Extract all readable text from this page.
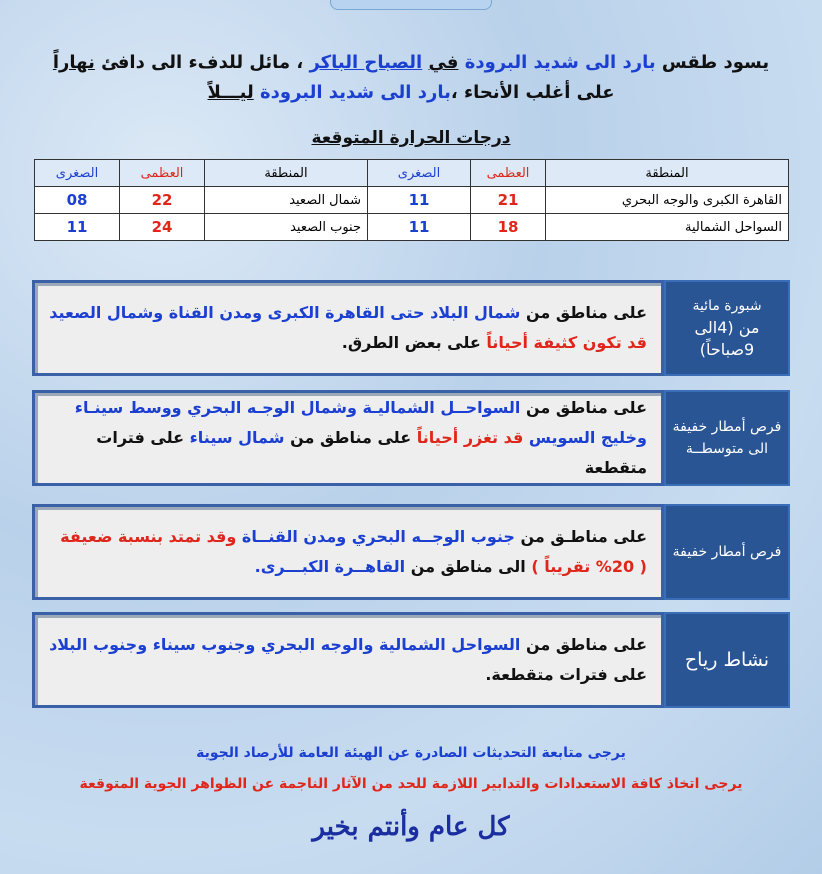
يسود طقس بارد الى شديد البرودة في الصباح الباكر ، مائل للدفء الى دافئ نهاراً
على أغلب الأنحاء ،بارد الى شديد البرودة ليـــلاً
درجات الحرارة المتوقعة
المنطقة	العظمى	الصغرى	المنطقة	العظمى	الصغرى
القاهرة الكبرى والوجه البحري	21	11	شمال الصعيد	22	08
السواحل الشمالية	18	11	جنوب الصعيد	24	11
شبورة مائية
من (4الى 9صباحاً)
على مناطق من شمال البلاد حتى القاهرة الكبرى ومدن القناة وشمال الصعيد قد تكون كثيفة أحياناً على بعض الطرق.
فرص أمطار خفيفة
الى متوسطــة
على مناطق من السواحــل الشماليـة وشمال الوجـه البحري ووسط سينـاء وخليج السويس قد تغزر أحياناً على مناطق من شمال سيناء على فترات متقطعة
فرص أمطار خفيفة
على مناطـق من جنوب الوجــه البحري ومدن القنــاة وقد تمتد بنسبة ضعيفة ( 20% تقريباً ) الى مناطق من القاهــرة الكبـــرى.
نشاط رياح
على مناطق من السواحل الشمالية والوجه البحري وجنوب سيناء وجنوب البلاد على فترات متقطعة.
يرجى متابعة التحديثات الصادرة عن الهيئة العامة للأرصاد الجوية
يرجى اتخاذ كافة الاستعدادات والتدابير اللازمة للحد من الآثار الناجمة عن الظواهر الجوية المتوقعة
كل عام وأنتم بخير
